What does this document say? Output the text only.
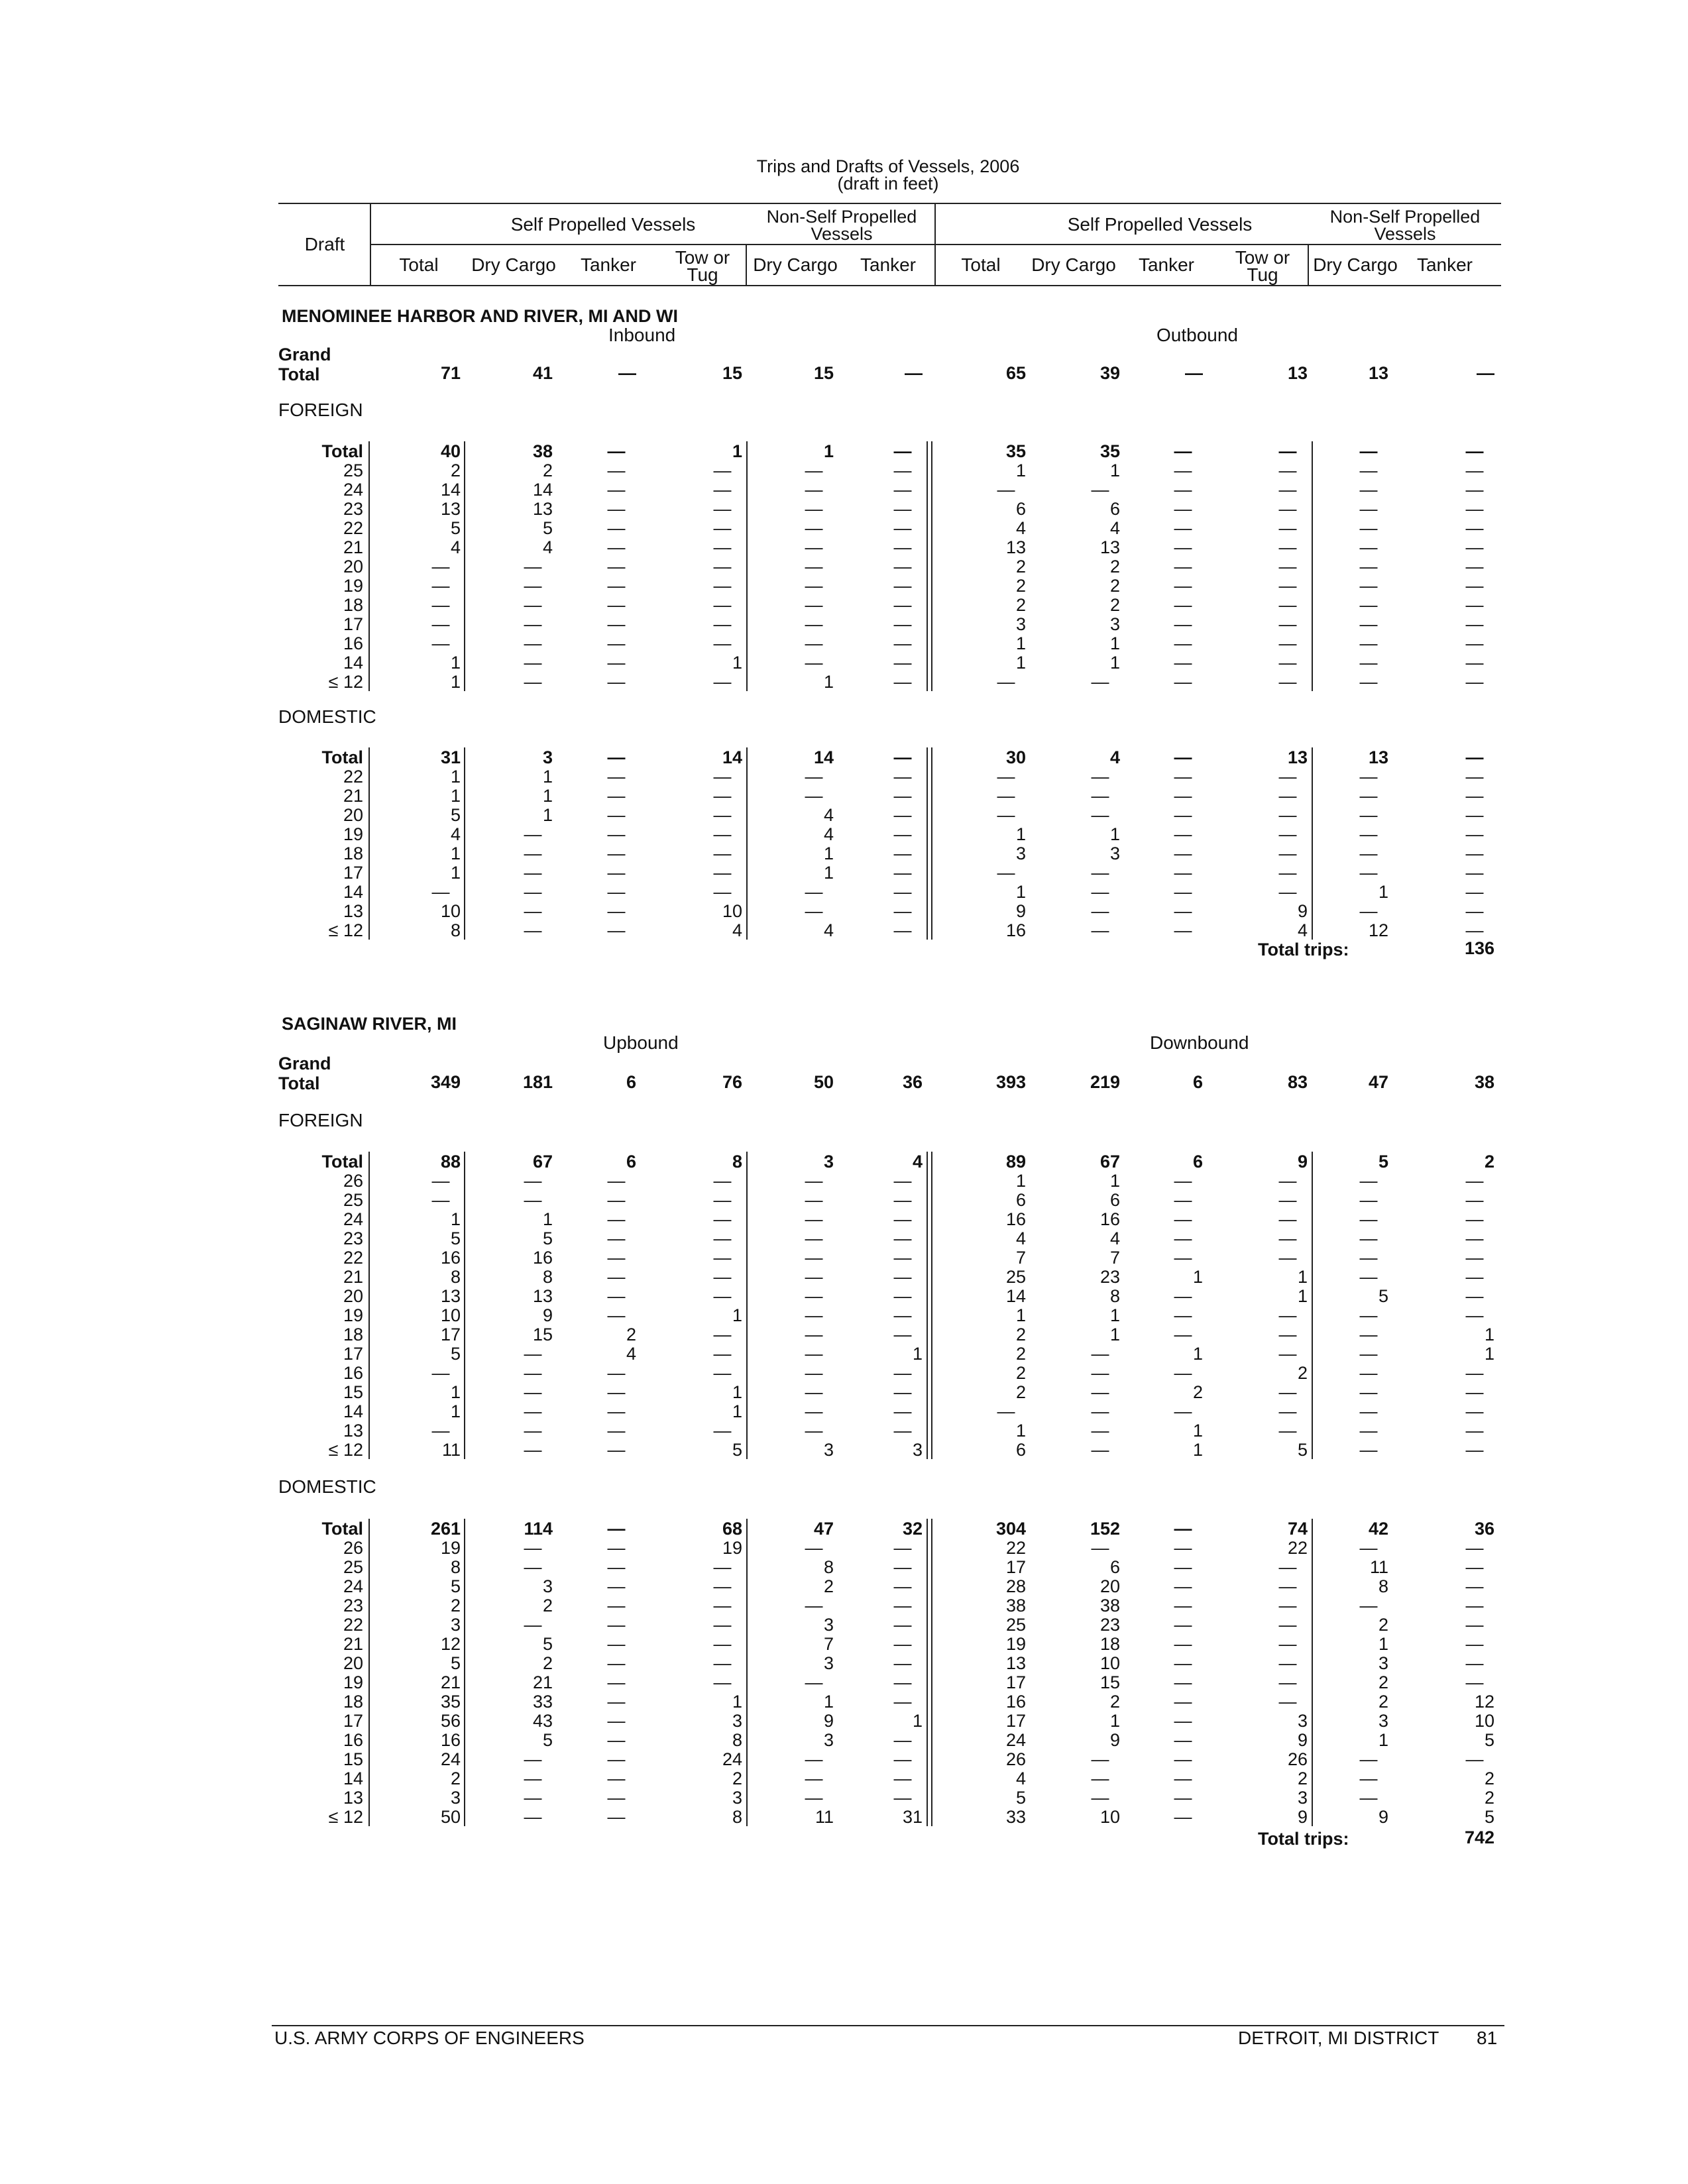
Trips and Drafts of Vessels, 2006
(draft in feet)
Draft
Self Propelled Vessels	Non-Self Propelled Vessels	Self Propelled Vessels	Non-Self Propelled Vessels
Total	Dry Cargo	Tanker	Tow or Tug	Dry Cargo	Tanker	Total	Dry Cargo	Tanker	Tow or Tug	Dry Cargo	Tanker
MENOMINEE HARBOR AND RIVER, MI AND WI
Inbound	Outbound
Grand
Total	71	41	—	15	15	—	65	39	—	13	13	—
FOREIGN
Total	40	38	—	1	1	—	35	35	—	—	—	—
25	2	2	—	—	—	—	1	1	—	—	—	—
24	14	14	—	—	—	—	—	—	—	—	—	—
23	13	13	—	—	—	—	6	6	—	—	—	—
22	5	5	—	—	—	—	4	4	—	—	—	—
21	4	4	—	—	—	—	13	13	—	—	—	—
20	—	—	—	—	—	—	2	2	—	—	—	—
19	—	—	—	—	—	—	2	2	—	—	—	—
18	—	—	—	—	—	—	2	2	—	—	—	—
17	—	—	—	—	—	—	3	3	—	—	—	—
16	—	—	—	—	—	—	1	1	—	—	—	—
14	1	—	—	1	—	—	1	1	—	—	—	—
≤ 12	1	—	—	—	1	—	—	—	—	—	—	—
DOMESTIC
Total	31	3	—	14	14	—	30	4	—	13	13	—
22	1	1	—	—	—	—	—	—	—	—	—	—
21	1	1	—	—	—	—	—	—	—	—	—	—
20	5	1	—	—	4	—	—	—	—	—	—	—
19	4	—	—	—	4	—	1	1	—	—	—	—
18	1	—	—	—	1	—	3	3	—	—	—	—
17	1	—	—	—	1	—	—	—	—	—	—	—
14	—	—	—	—	—	—	1	—	—	—	1	—
13	10	—	—	10	—	—	9	—	—	9	—	—
≤ 12	8	—	—	4	4	—	16	—	—	4	12	—
Total trips:	136
SAGINAW RIVER, MI
Upbound	Downbound
Grand
Total	349	181	6	76	50	36	393	219	6	83	47	38
FOREIGN
Total	88	67	6	8	3	4	89	67	6	9	5	2
26	—	—	—	—	—	—	1	1	—	—	—	—
25	—	—	—	—	—	—	6	6	—	—	—	—
24	1	1	—	—	—	—	16	16	—	—	—	—
23	5	5	—	—	—	—	4	4	—	—	—	—
22	16	16	—	—	—	—	7	7	—	—	—	—
21	8	8	—	—	—	—	25	23	1	1	—	—
20	13	13	—	—	—	—	14	8	—	1	5	—
19	10	9	—	1	—	—	1	1	—	—	—	—
18	17	15	2	—	—	—	2	1	—	—	—	1
17	5	—	4	—	—	1	2	—	1	—	—	1
16	—	—	—	—	—	—	2	—	—	2	—	—
15	1	—	—	1	—	—	2	—	2	—	—	—
14	1	—	—	1	—	—	—	—	—	—	—	—
13	—	—	—	—	—	—	1	—	1	—	—	—
≤ 12	11	—	—	5	3	3	6	—	1	5	—	—
DOMESTIC
Total	261	114	—	68	47	32	304	152	—	74	42	36
26	19	—	—	19	—	—	22	—	—	22	—	—
25	8	—	—	—	8	—	17	6	—	—	11	—
24	5	3	—	—	2	—	28	20	—	—	8	—
23	2	2	—	—	—	—	38	38	—	—	—	—
22	3	—	—	—	3	—	25	23	—	—	2	—
21	12	5	—	—	7	—	19	18	—	—	1	—
20	5	2	—	—	3	—	13	10	—	—	3	—
19	21	21	—	—	—	—	17	15	—	—	2	—
18	35	33	—	1	1	—	16	2	—	—	2	12
17	56	43	—	3	9	1	17	1	—	3	3	10
16	16	5	—	8	3	—	24	9	—	9	1	5
15	24	—	—	24	—	—	26	—	—	26	—	—
14	2	—	—	2	—	—	4	—	—	2	—	2
13	3	—	—	3	—	—	5	—	—	3	—	2
≤ 12	50	—	—	8	11	31	33	10	—	9	9	5
Total trips:	742
U.S. ARMY CORPS OF ENGINEERS	DETROIT, MI DISTRICT 81
